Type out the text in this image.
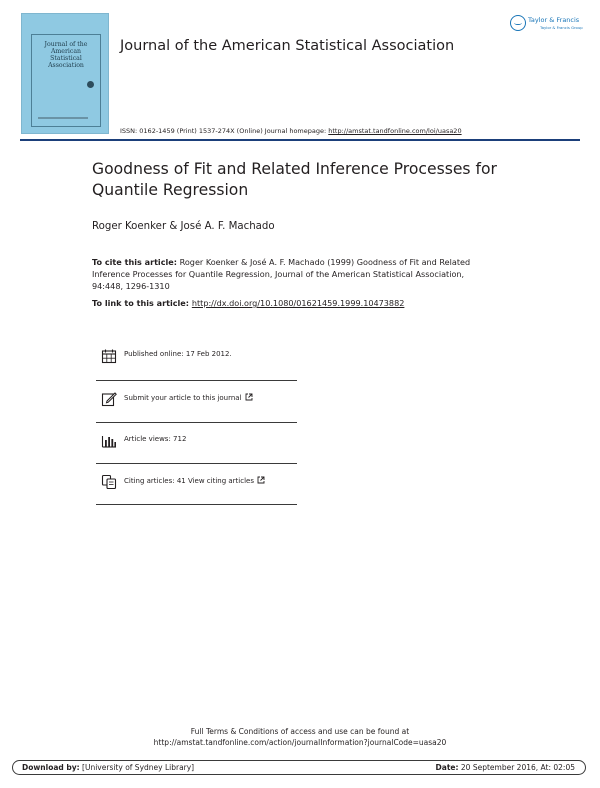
Journal of the
American
Statistical
Association
Journal of the American Statistical Association
Taylor & Francis
Taylor & Francis Group
ISSN: 0162-1459 (Print) 1537-274X (Online) Journal homepage: http://amstat.tandfonline.com/loi/uasa20
Goodness of Fit and Related Inference Processes for Quantile Regression
Roger Koenker & José A. F. Machado
To cite this article: Roger Koenker & José A. F. Machado (1999) Goodness of Fit and Related Inference Processes for Quantile Regression, Journal of the American Statistical Association, 94:448, 1296-1310
To link to this article: http://dx.doi.org/10.1080/01621459.1999.10473882
Published online: 17 Feb 2012.
Submit your article to this journal
Article views: 712
Citing articles: 41 View citing articles
Full Terms & Conditions of access and use can be found at
http://amstat.tandfonline.com/action/journalInformation?journalCode=uasa20
Download by: [University of Sydney Library]	Date: 20 September 2016, At: 02:05
